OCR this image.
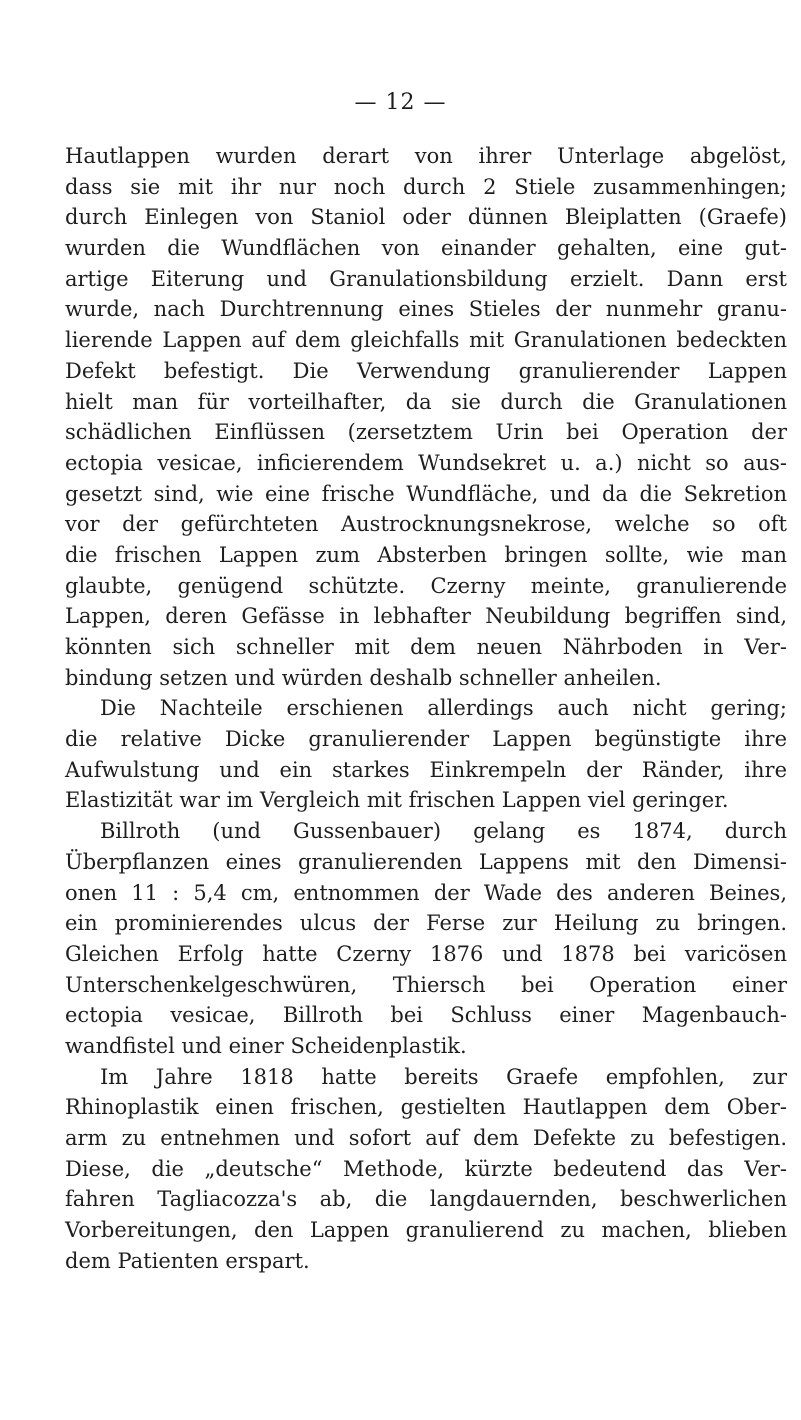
— 12 —
Hautlappen wurden derart von ihrer Unterlage abgelöst,
dass sie mit ihr nur noch durch 2 Stiele zusammenhingen;
durch Einlegen von Staniol oder dünnen Bleiplatten (Graefe)
wurden die Wundflächen von einander gehalten, eine gut-
artige Eiterung und Granulationsbildung erzielt. Dann erst
wurde, nach Durchtrennung eines Stieles der nunmehr granu-
lierende Lappen auf dem gleichfalls mit Granulationen bedeckten
Defekt befestigt. Die Verwendung granulierender Lappen
hielt man für vorteilhafter, da sie durch die Granulationen
schädlichen Einflüssen (zersetztem Urin bei Operation der
ectopia vesicae, inficierendem Wundsekret u. a.) nicht so aus-
gesetzt sind, wie eine frische Wundfläche, und da die Sekretion
vor der gefürchteten Austrocknungsnekrose, welche so oft
die frischen Lappen zum Absterben bringen sollte, wie man
glaubte, genügend schützte. Czerny meinte, granulierende
Lappen, deren Gefässe in lebhafter Neubildung begriffen sind,
könnten sich schneller mit dem neuen Nährboden in Ver-
bindung setzen und würden deshalb schneller anheilen.
Die Nachteile erschienen allerdings auch nicht gering;
die relative Dicke granulierender Lappen begünstigte ihre
Aufwulstung und ein starkes Einkrempeln der Ränder, ihre
Elastizität war im Vergleich mit frischen Lappen viel geringer.
Billroth (und Gussenbauer) gelang es 1874, durch
Überpflanzen eines granulierenden Lappens mit den Dimensi-
onen 11 : 5,4 cm, entnommen der Wade des anderen Beines,
ein prominierendes ulcus der Ferse zur Heilung zu bringen.
Gleichen Erfolg hatte Czerny 1876 und 1878 bei varicösen
Unterschenkelgeschwüren, Thiersch bei Operation einer
ectopia vesicae, Billroth bei Schluss einer Magenbauch-
wandfistel und einer Scheidenplastik.
Im Jahre 1818 hatte bereits Graefe empfohlen, zur
Rhinoplastik einen frischen, gestielten Hautlappen dem Ober-
arm zu entnehmen und sofort auf dem Defekte zu befestigen.
Diese, die „deutsche“ Methode, kürzte bedeutend das Ver-
fahren Tagliacozza's ab, die langdauernden, beschwerlichen
Vorbereitungen, den Lappen granulierend zu machen, blieben
dem Patienten erspart.
